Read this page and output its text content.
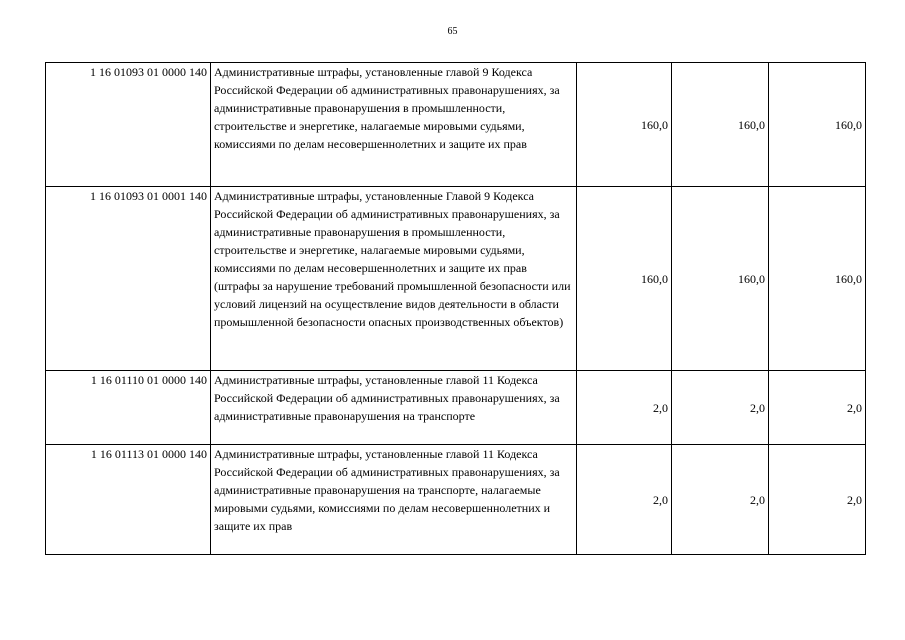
65
1 16 01093 01 0000 140	Административные штрафы, установленные главой 9 Кодекса Российской Федерации об административных правонарушениях, за административные правонарушения в промышленности, строительстве и энергетике, налагаемые мировыми судьями, комиссиями по делам несовершеннолетних и защите их прав	160,0	160,0	160,0
1 16 01093 01 0001 140	Административные штрафы, установленные Главой 9 Кодекса Российской Федерации об административных правонарушениях, за административные правонарушения в промышленности, строительстве и энергетике, налагаемые мировыми судьями, комиссиями по делам несовершеннолетних и защите их прав (штрафы за нарушение требований промышленной безопасности или условий лицензий на осуществление видов деятельности в области промышленной безопасности опасных производственных объектов)	160,0	160,0	160,0
1 16 01110 01 0000 140	Административные штрафы, установленные главой 11 Кодекса Российской Федерации об административных правонарушениях, за административные правонарушения на транспорте	2,0	2,0	2,0
1 16 01113 01 0000 140	Административные штрафы, установленные главой 11 Кодекса Российской Федерации об административных правонарушениях, за административные правонарушения на транспорте, налагаемые мировыми судьями, комиссиями по делам несовершеннолетних и защите их прав	2,0	2,0	2,0
